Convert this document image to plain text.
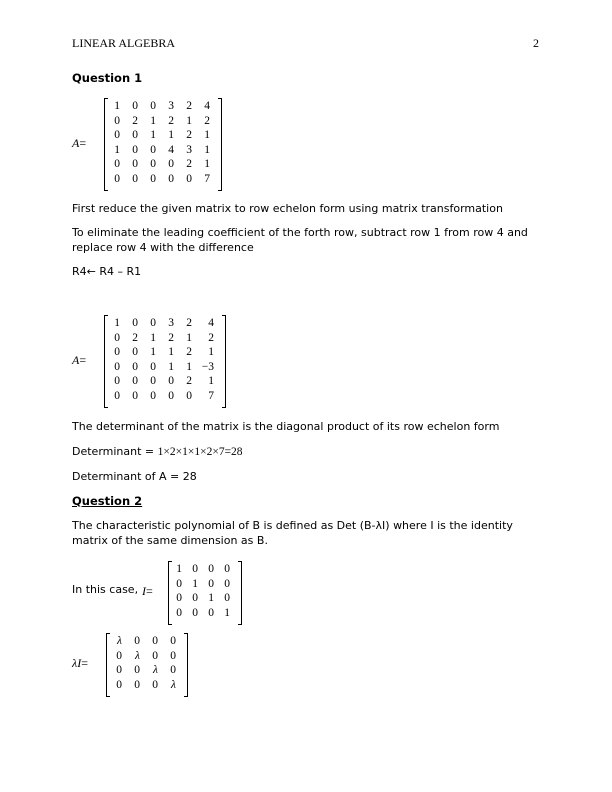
LINEAR ALGEBRA	2
Question 1
A=
1	0	0	3	2	4
0	2	1	2	1	2
0	0	1	1	2	1
1	0	0	4	3	1
0	0	0	0	2	1
0	0	0	0	0	7
First reduce the given matrix to row echelon form using matrix transformation
To eliminate the leading coefficient of the forth row, subtract row 1 from row 4 and
replace row 4 with the difference
R4← R4 – R1
A=
1	0	0	3	2	4
0	2	1	2	1	2
0	0	1	1	2	1
0	0	0	1	1 −3
0	0	0	0	2	1
0	0	0	0	0	7
The determinant of the matrix is the diagonal product of its row echelon form
Determinant = 1×2×1×1×2×7=28
Determinant of A = 28
Question 2
The characteristic polynomial of B is defined as Det (B-λI) where I is the identity
matrix of the same dimension as B.
In this case, I=
1 0 0 0
0 1 0 0
0 0 1 0
0 0 0 1
λI=
λ	0	0	0
0	λ	0	0
0	0	λ	0
0	0	0	λ
